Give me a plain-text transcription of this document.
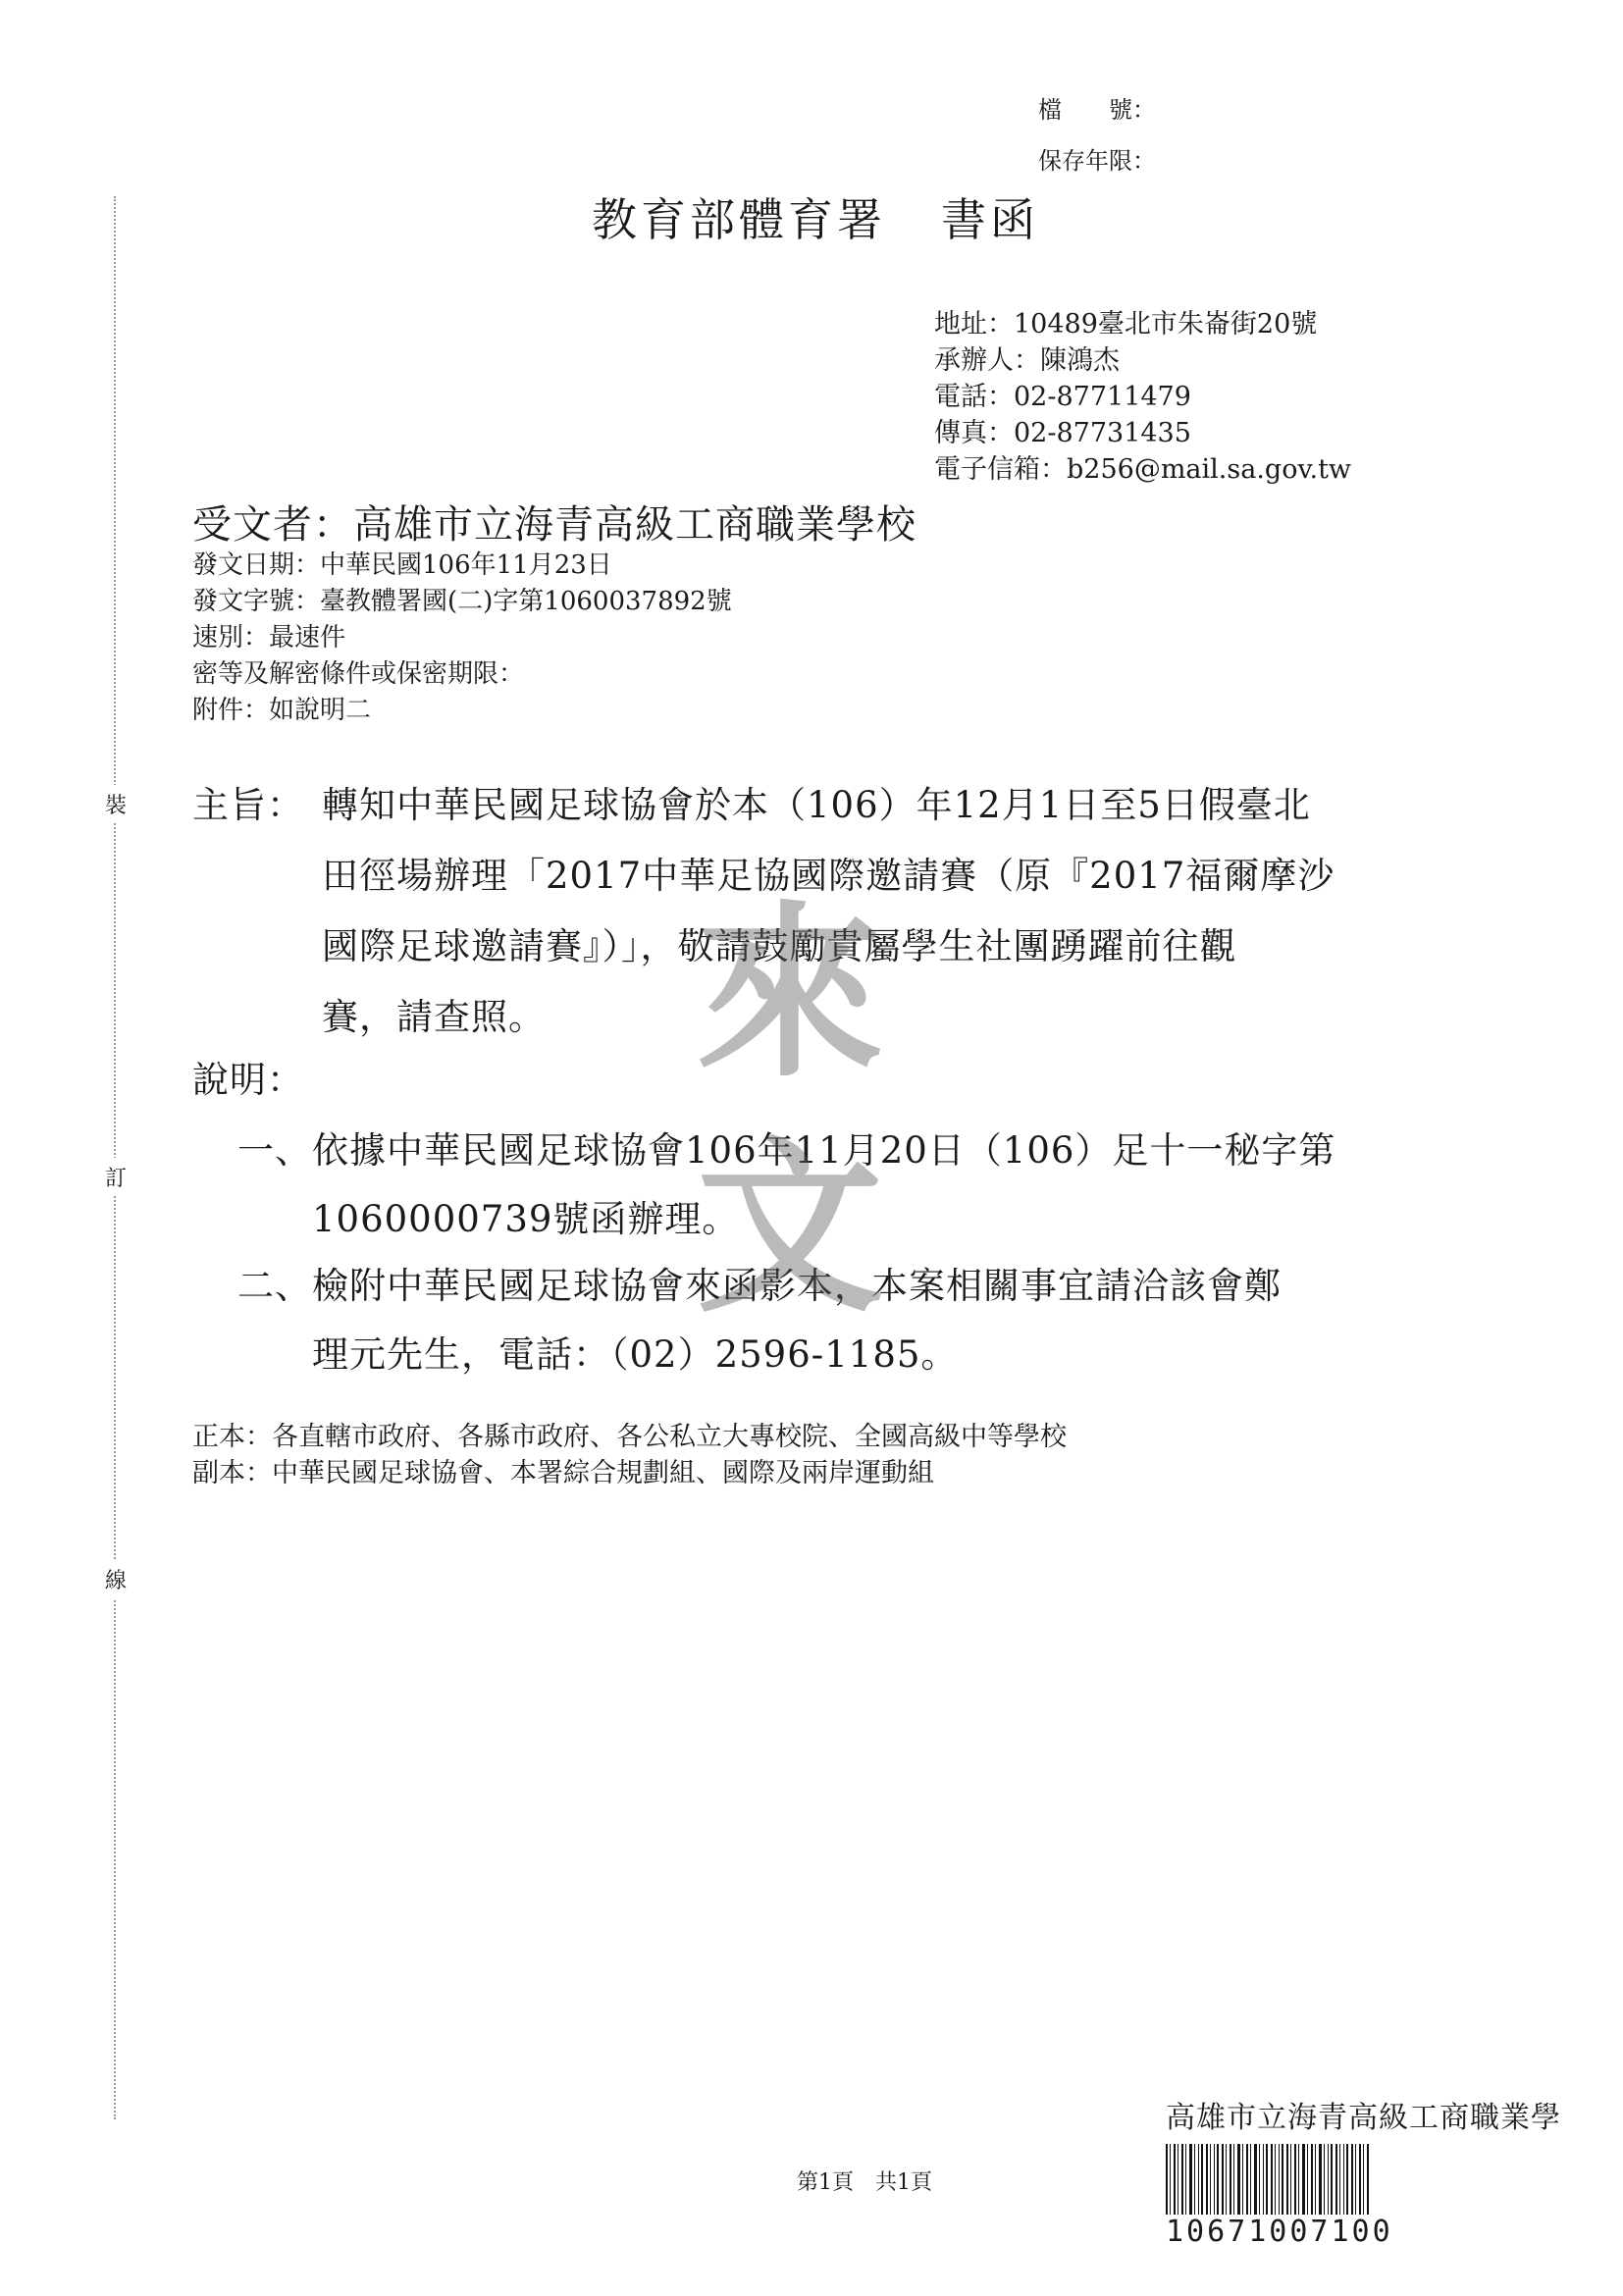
裝
訂
線
檔　　號：
保存年限：
教育部體育署 書函
地址：10489臺北市朱崙街20號
承辦人：陳鴻杰
電話：02-87711479
傳真：02-87731435
電子信箱：b256@mail.sa.gov.tw
受文者：高雄市立海青高級工商職業學校
發文日期：中華民國106年11月23日
發文字號：臺教體署國(二)字第1060037892號
速別：最速件
密等及解密條件或保密期限：
附件：如說明二
主旨： 轉知中華民國足球協會於本（106）年12月1日至5日假臺北
田徑場辦理「2017中華足協國際邀請賽（原『2017福爾摩沙
國際足球邀請賽』）」，敬請鼓勵貴屬學生社團踴躍前往觀
賽，請查照。
說明：
一、 依據中華民國足球協會106年11月20日（106）足十一秘字第
1060000739號函辦理。
二、 檢附中華民國足球協會來函影本，本案相關事宜請洽該會鄭
理元先生，電話：（02）2596-1185。
正本：各直轄市政府、各縣市政府、各公私立大專校院、全國高級中等學校
副本：中華民國足球協會、本署綜合規劃組、國際及兩岸運動組
來
文
第1頁　共1頁
高雄市立海青高級工商職業學
10671007100
